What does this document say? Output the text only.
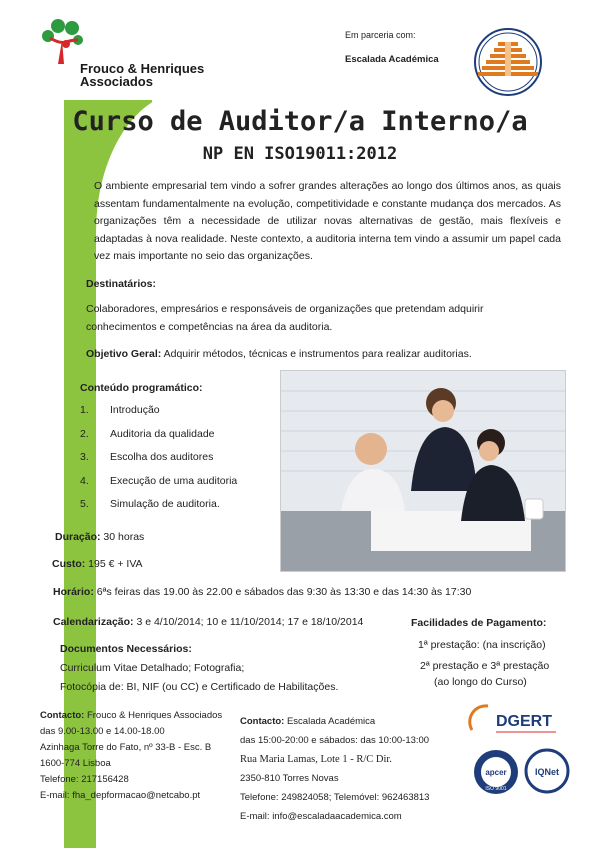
Frouco & Henriques
Associados
Em parceria com:
Escalada Académica
Curso de Auditor/a Interno/a
NP EN ISO19011:2012
O ambiente empresarial tem vindo a sofrer grandes alterações ao longo dos últimos anos, as quais assentam fundamentalmente na evolução, competitividade e constante mudança dos mercados. As organizações têm a necessidade de utilizar novas alternativas de gestão, mais flexíveis e adaptadas à nova realidade. Neste contexto, a auditoria interna tem vindo a assumir um papel cada vez mais importante no seio das organizações.
Destinatários:
Colaboradores, empresários e responsáveis de organizações que pretendam adquirir conhecimentos e competências na área da auditoria.
Objetivo Geral: Adquirir métodos, técnicas e instrumentos para realizar auditorias.
Conteúdo programático:
1.	Introdução
2.	Auditoria da qualidade
3.	Escolha dos auditores
4.	Execução de uma auditoria
5.	Simulação de auditoria.
Duração: 30 horas
Custo: 195 € + IVA
Horário: 6ªs feiras das 19.00 às 22.00 e sábados das 9:30 às 13:30 e das 14:30 às 17:30
Calendarização: 3 e 4/10/2014; 10 e 11/10/2014; 17 e 18/10/2014	Facilidades de Pagamento:
1ª prestação: (na inscrição)
2ª prestação e 3ª prestação
(ao longo do Curso)
Documentos Necessários:
Curriculum Vitae Detalhado; Fotografia;
Fotocópia de: BI, NIF (ou CC) e Certificado de Habilitações.
Contacto: Frouco & Henriques Associados
das 9.00-13.00 e 14.00-18.00
Azinhaga Torre do Fato, nº 33-B - Esc. B
1600-774 Lisboa
Telefone: 217156428
E-mail: fha_depformacao@netcabo.pt
Contacto: Escalada Académica
das 15:00-20:00 e sábados: das 10:00-13:00
Rua Maria Lamas, Lote 1 - R/C Dir.
2350-810 Torres Novas
Telefone: 249824058; Telemóvel: 962463813
E-mail: info@escaladaacademica.com
DGERT
apcer
ISO 9001
IQNet
